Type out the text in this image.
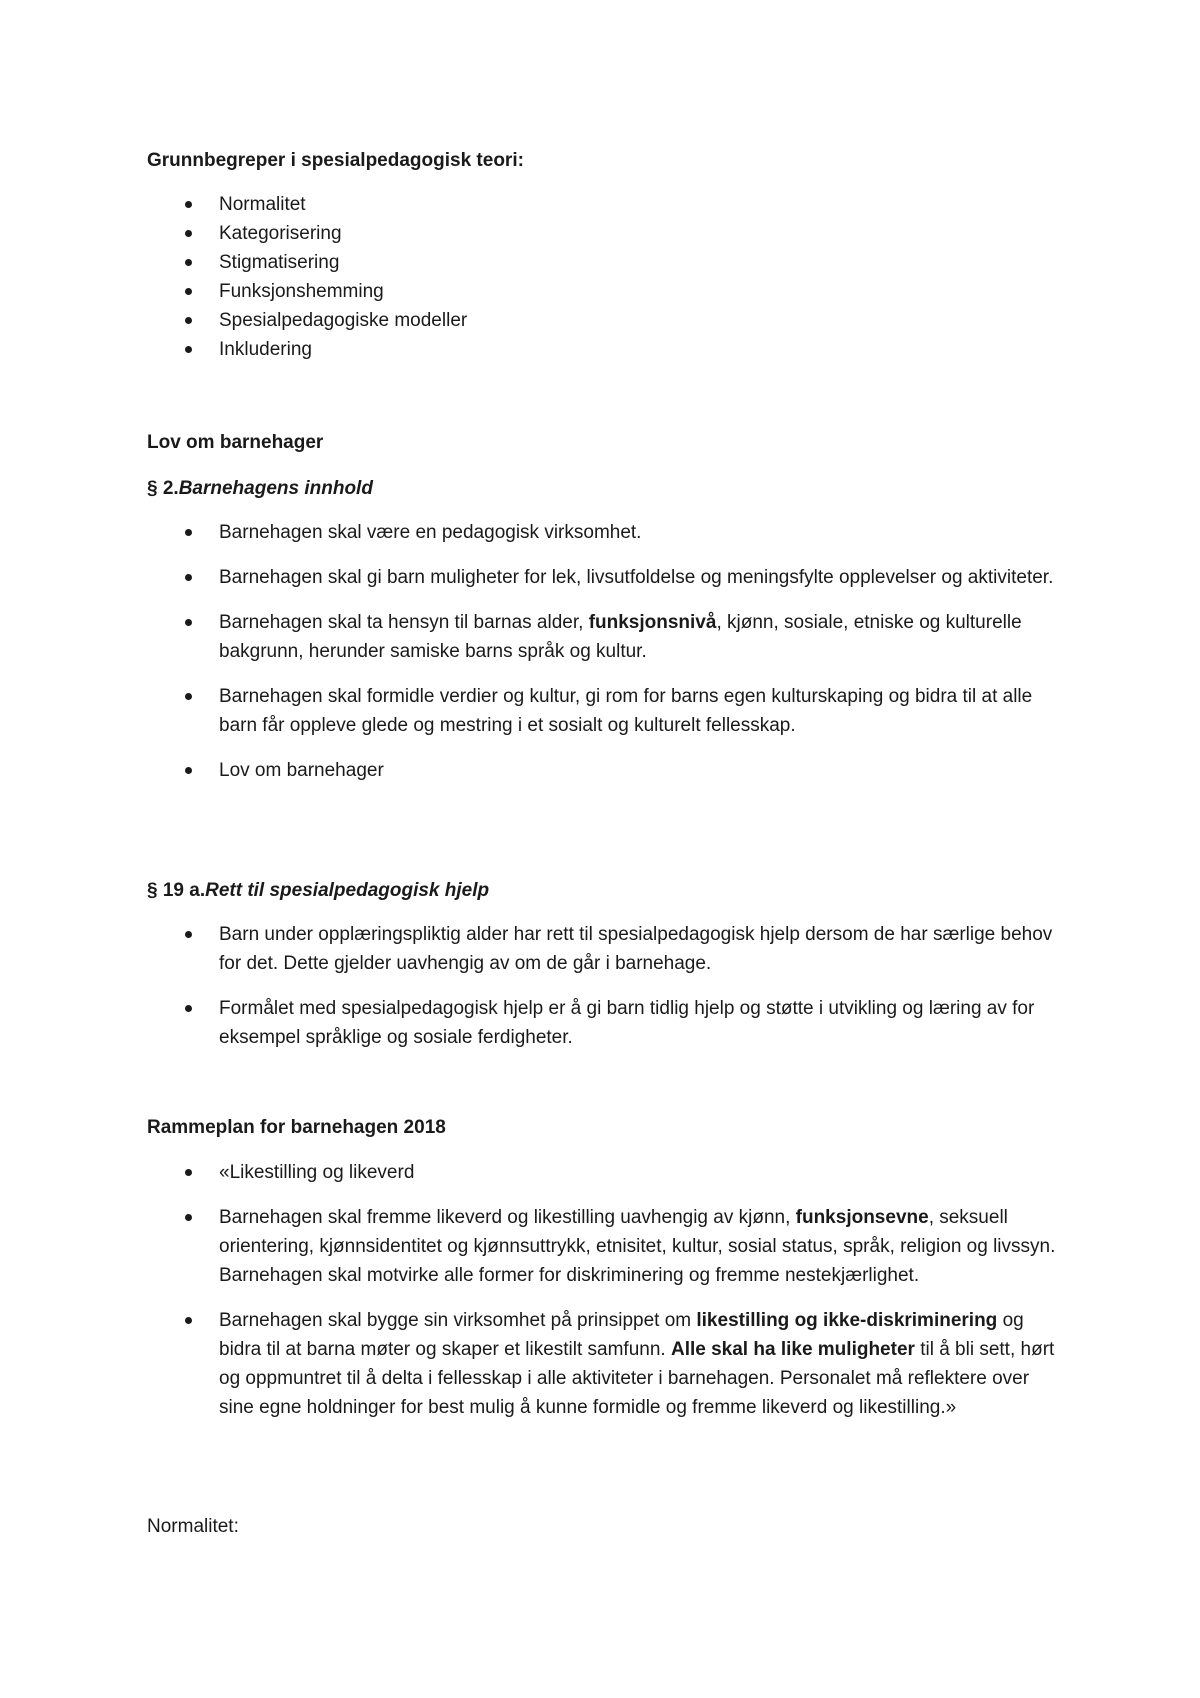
Grunnbegreper i spesialpedagogisk teori:

Normalitet
Kategorisering
Stigmatisering
Funksjonshemming
Spesialpedagogiske modeller
Inkludering

Lov om barnehager

§ 2.Barnehagens innhold

Barnehagen skal være en pedagogisk virksomhet.
Barnehagen skal gi barn muligheter for lek, livsutfoldelse og meningsfylte opplevelser og aktiviteter.
Barnehagen skal ta hensyn til barnas alder, funksjonsnivå, kjønn, sosiale, etniske og kulturelle bakgrunn, herunder samiske barns språk og kultur.
Barnehagen skal formidle verdier og kultur, gi rom for barns egen kulturskaping og bidra til at alle barn får oppleve glede og mestring i et sosialt og kulturelt fellesskap.
Lov om barnehager

§ 19 a.Rett til spesialpedagogisk hjelp

Barn under opplæringspliktig alder har rett til spesialpedagogisk hjelp dersom de har særlige behov for det. Dette gjelder uavhengig av om de går i barnehage.
Formålet med spesialpedagogisk hjelp er å gi barn tidlig hjelp og støtte i utvikling og læring av for eksempel språklige og sosiale ferdigheter.

Rammeplan for barnehagen 2018

«Likestilling og likeverd
Barnehagen skal fremme likeverd og likestilling uavhengig av kjønn, funksjonsevne, seksuell orientering, kjønnsidentitet og kjønnsuttrykk, etnisitet, kultur, sosial status, språk, religion og livssyn. Barnehagen skal motvirke alle former for diskriminering og fremme nestekjærlighet.
Barnehagen skal bygge sin virksomhet på prinsippet om likestilling og ikke-diskriminering og bidra til at barna møter og skaper et likestilt samfunn. Alle skal ha like muligheter til å bli sett, hørt og oppmuntret til å delta i fellesskap i alle aktiviteter i barnehagen. Personalet må reflektere over sine egne holdninger for best mulig å kunne formidle og fremme likeverd og likestilling.»

Normalitet:
